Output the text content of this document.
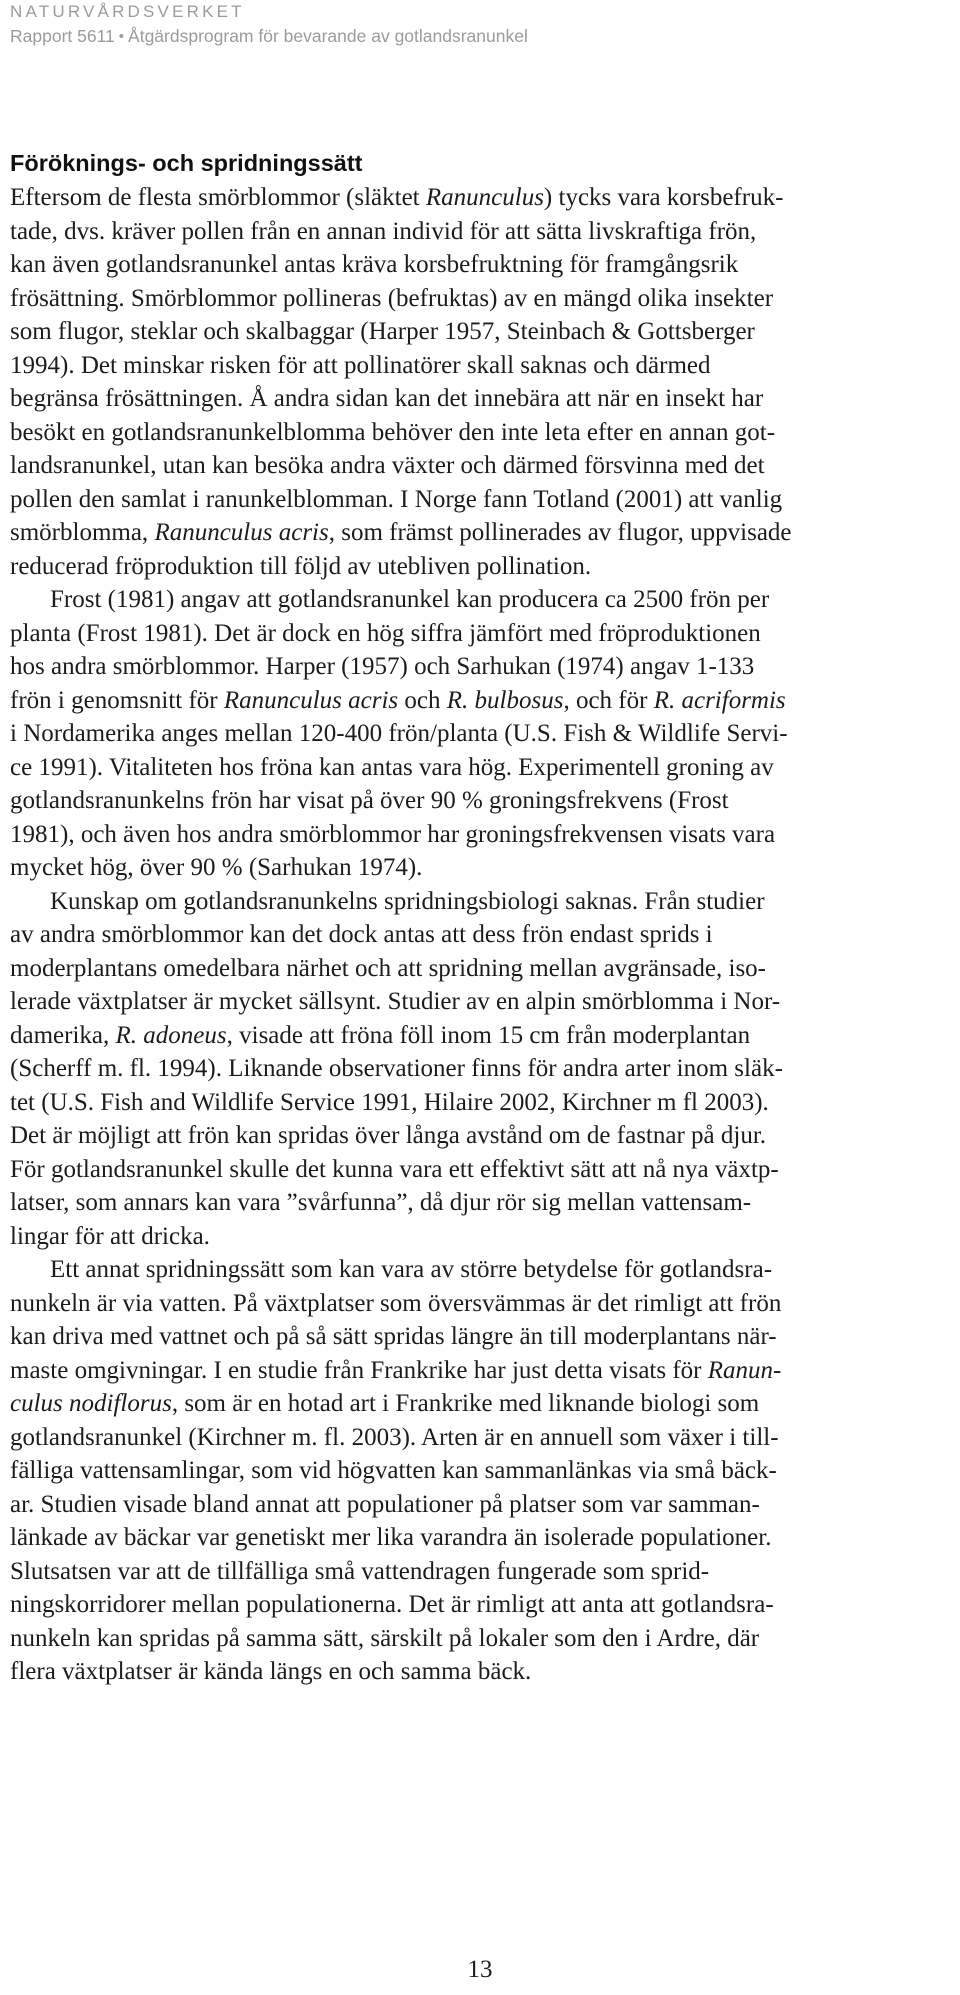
NATURVÅRDSVERKET
Rapport 5611 • Åtgärdsprogram för bevarande av gotlandsranunkel
Föröknings- och spridningssätt

Eftersom de flesta smörblommor (släktet Ranunculus) tycks vara korsbefruk-
tade, dvs. kräver pollen från en annan individ för att sätta livskraftiga frön,
kan även gotlandsranunkel antas kräva korsbefruktning för framgångsrik
frösättning. Smörblommor pollineras (befruktas) av en mängd olika insekter
som flugor, steklar och skalbaggar (Harper 1957, Steinbach & Gottsberger
1994). Det minskar risken för att pollinatörer skall saknas och därmed
begränsa frösättningen. Å andra sidan kan det innebära att när en insekt har
besökt en gotlandsranunkelblomma behöver den inte leta efter en annan got-
landsranunkel, utan kan besöka andra växter och därmed försvinna med det
pollen den samlat i ranunkelblomman. I Norge fann Totland (2001) att vanlig
smörblomma, Ranunculus acris, som främst pollinerades av flugor, uppvisade
reducerad fröproduktion till följd av utebliven pollination.

Frost (1981) angav att gotlandsranunkel kan producera ca 2500 frön per
planta (Frost 1981). Det är dock en hög siffra jämfört med fröproduktionen
hos andra smörblommor. Harper (1957) och Sarhukan (1974) angav 1-133
frön i genomsnitt för Ranunculus acris och R. bulbosus, och för R. acriformis
i Nordamerika anges mellan 120-400 frön/planta (U.S. Fish & Wildlife Servi-
ce 1991). Vitaliteten hos fröna kan antas vara hög. Experimentell groning av
gotlandsranunkelns frön har visat på över 90 % groningsfrekvens (Frost
1981), och även hos andra smörblommor har groningsfrekvensen visats vara
mycket hög, över 90 % (Sarhukan 1974).

Kunskap om gotlandsranunkelns spridningsbiologi saknas. Från studier
av andra smörblommor kan det dock antas att dess frön endast sprids i
moderplantans omedelbara närhet och att spridning mellan avgränsade, iso-
lerade växtplatser är mycket sällsynt. Studier av en alpin smörblomma i Nor-
damerika, R. adoneus, visade att fröna föll inom 15 cm från moderplantan
(Scherff m. fl. 1994). Liknande observationer finns för andra arter inom släk-
tet (U.S. Fish and Wildlife Service 1991, Hilaire 2002, Kirchner m fl 2003).
Det är möjligt att frön kan spridas över långa avstånd om de fastnar på djur.
För gotlandsranunkel skulle det kunna vara ett effektivt sätt att nå nya växtp-
latser, som annars kan vara ”svårfunna”, då djur rör sig mellan vattensam-
lingar för att dricka.

Ett annat spridningssätt som kan vara av större betydelse för gotlandsra-
nunkeln är via vatten. På växtplatser som översvämmas är det rimligt att frön
kan driva med vattnet och på så sätt spridas längre än till moderplantans när-
maste omgivningar. I en studie från Frankrike har just detta visats för Ranun-
culus nodiflorus, som är en hotad art i Frankrike med liknande biologi som
gotlandsranunkel (Kirchner m. fl. 2003). Arten är en annuell som växer i till-
fälliga vattensamlingar, som vid högvatten kan sammanlänkas via små bäck-
ar. Studien visade bland annat att populationer på platser som var samman-
länkade av bäckar var genetiskt mer lika varandra än isolerade populationer.
Slutsatsen var att de tillfälliga små vattendragen fungerade som sprid-
ningskorridorer mellan populationerna. Det är rimligt att anta att gotlandsra-
nunkeln kan spridas på samma sätt, särskilt på lokaler som den i Ardre, där
flera växtplatser är kända längs en och samma bäck.

13
